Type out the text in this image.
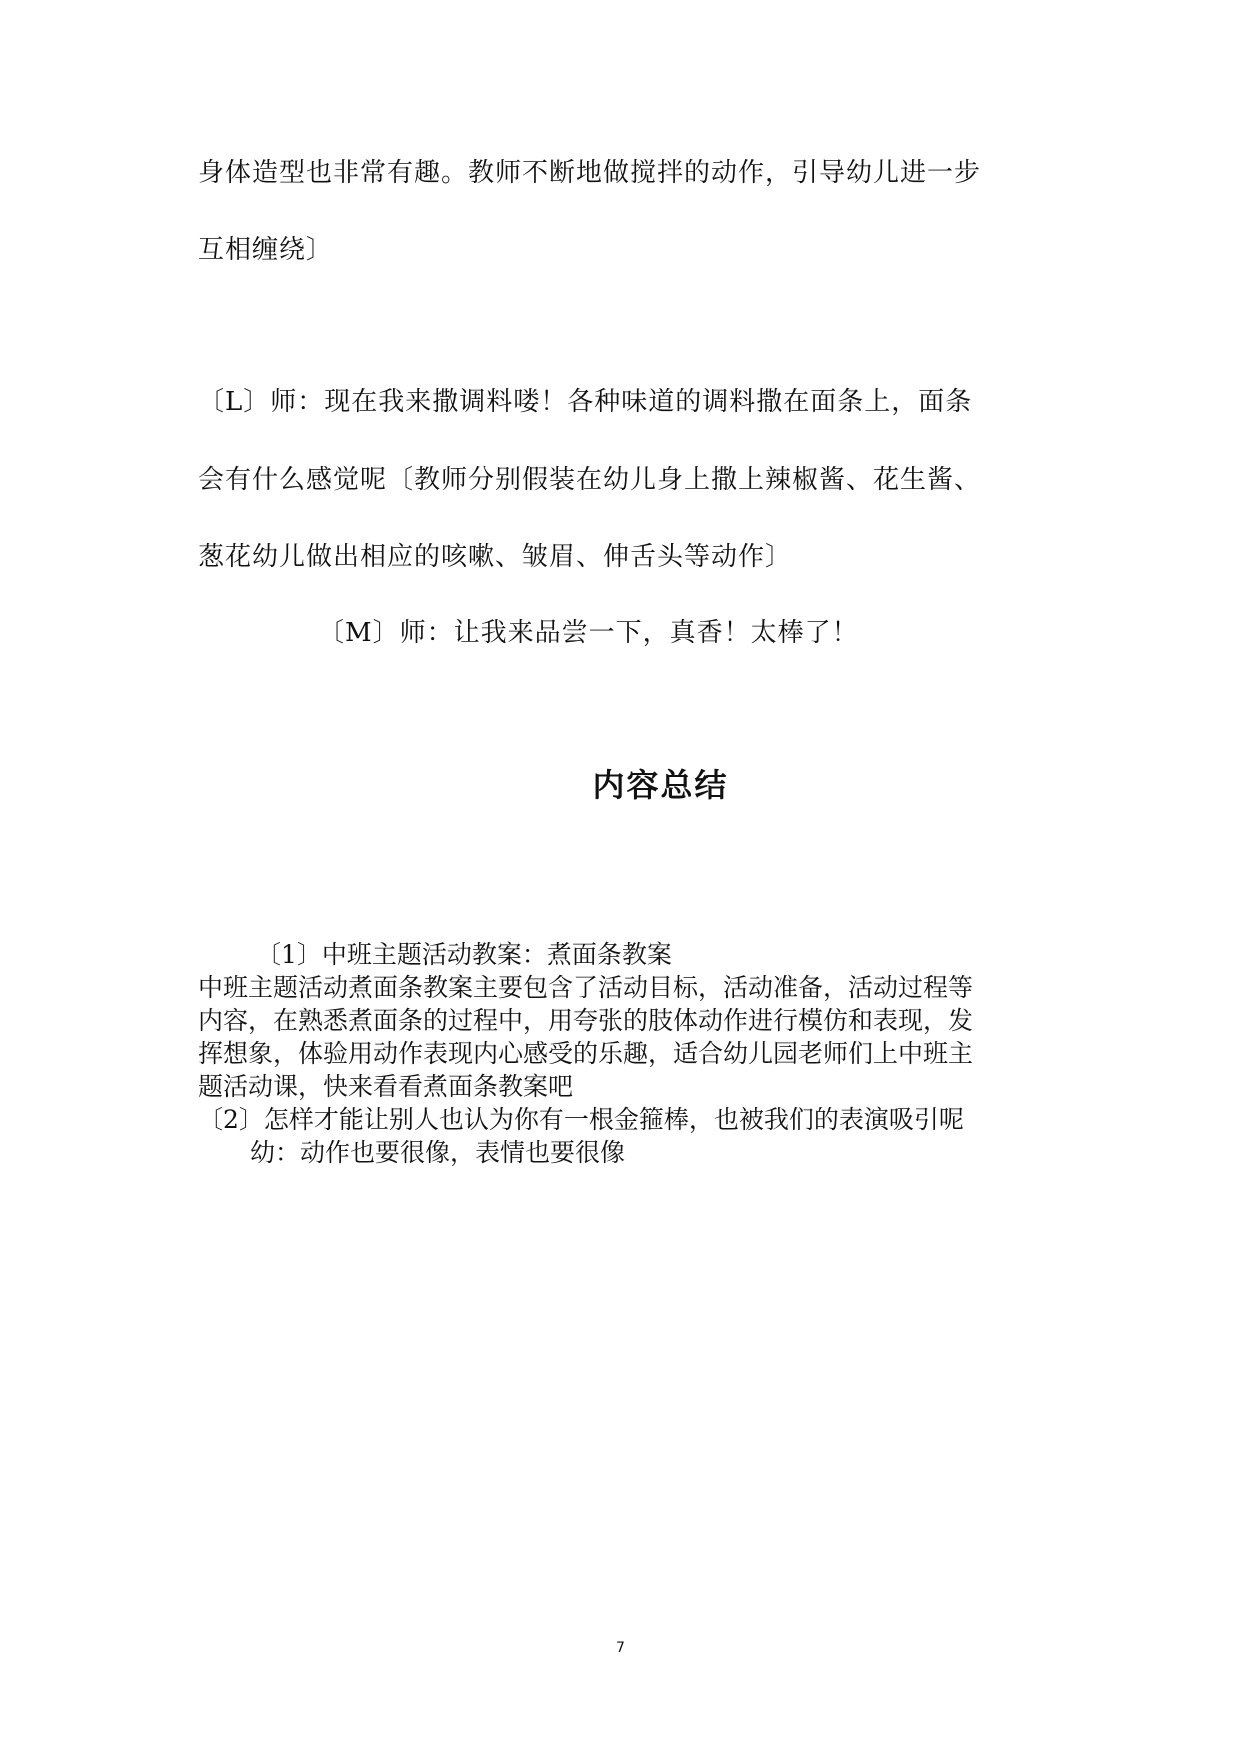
身体造型也非常有趣。教师不断地做搅拌的动作，引导幼儿进一步
互相缠绕〕
〔L〕师：现在我来撒调料喽！各种味道的调料撒在面条上，面条
会有什么感觉呢〔教师分别假装在幼儿身上撒上辣椒酱、花生酱、
葱花幼儿做出相应的咳嗽、皱眉、伸舌头等动作〕
〔M〕师：让我来品尝一下，真香！太棒了！
内容总结
〔1〕中班主题活动教案：煮面条教案
中班主题活动煮面条教案主要包含了活动目标，活动准备，活动过程等
内容，在熟悉煮面条的过程中，用夸张的肢体动作进行模仿和表现，发
挥想象，体验用动作表现内心感受的乐趣，适合幼儿园老师们上中班主
题活动课，快来看看煮面条教案吧
〔2〕怎样才能让别人也认为你有一根金箍棒，也被我们的表演吸引呢
幼：动作也要很像，表情也要很像
7
